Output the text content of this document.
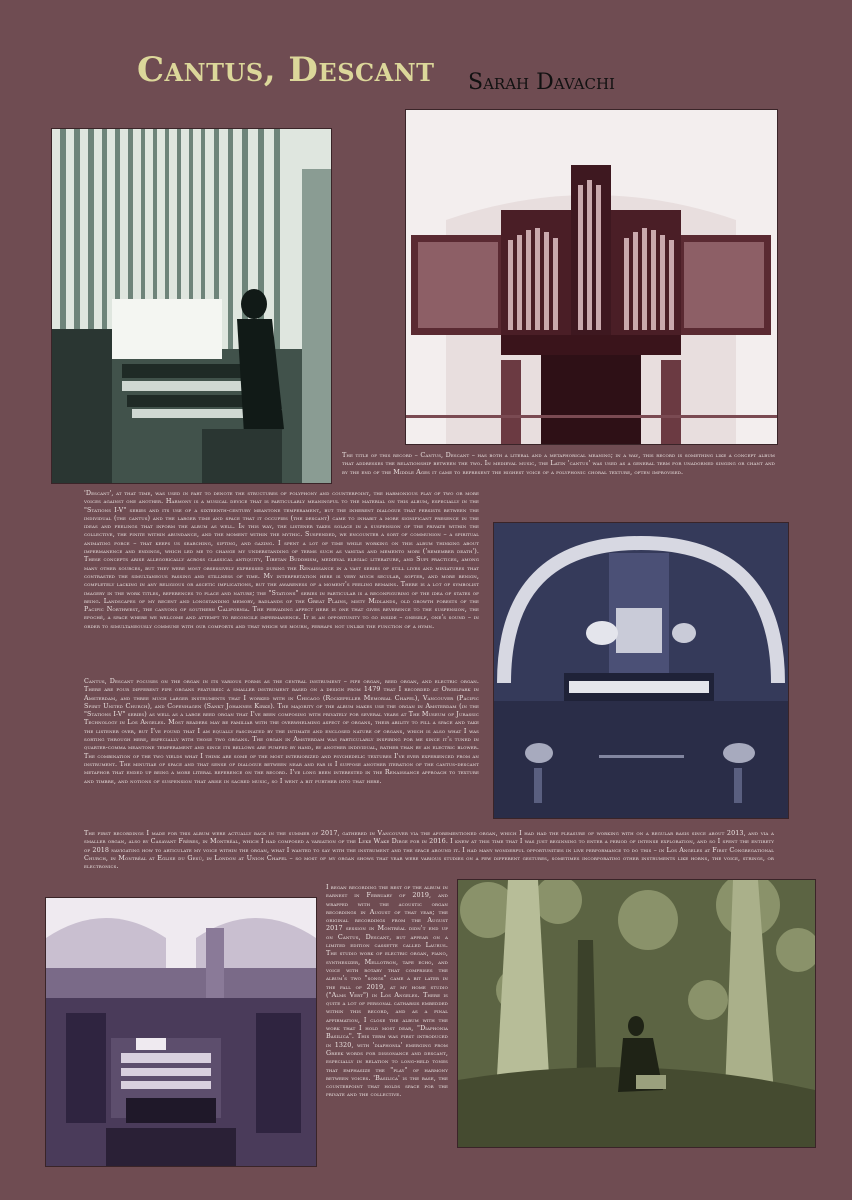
Cantus, Descant Sarah Davachi
The title of this record – Cantus, Descant – has both a literal and a metaphorical meaning; in a way, this record is something like a concept album that addresses the relationship between the two. In medieval music, the Latin 'cantus' was used as a general term for unadorned singing or chant and by the end of the Middle Ages it came to represent the highest voice of a polyphonic choral texture, often improvised.
'Descant', at that time, was used in part to denote the structures of polyphony and counterpoint, the harmonious play of two or more voices against one another. Harmony is a musical device that is particularly meaningful to the material on this album, especially in the "Stations I-V" series and its use of a sixteenth-century meantone temperament, but the inherent dialogue that persists between the individual (the cantus) and the larger time and space that it occupies (the descant) came to inhabit a more significant presence in the ideas and feelings that inform the album as well. In this way, the listener takes solace in a suspension of the private within the collective, the finite within abundance, and the moment within the mythic. Suspended, we encounter a sort of communion – a spiritual animating force – that keeps us searching, sifting, and gazing. I spent a lot of time while working on this album thinking about impermanence and endings, which led me to change my understanding of terms such as vanitas and memento mori ('remember death'). These concepts arise allegorically across classical antiquity, Tibetan Buddhism, medieval elegiac literature, and Sufi practices, among many other sources, but they were most obsessively expressed during the Renaissance in a vast series of still lives and miniatures that contrasted the simultaneous passing and stillness of time. My interpretation here is very much secular, softer, and more benign, completely lacking in any religious or ascetic implications, but the awareness of a moment's feeling remains. There is a lot of symbolist imagery in the work titles, references to place and nature; the "Stations" series in particular is a reconfiguring of the idea of states of being. Landscapes of my recent and longstanding memory, badlands of the Great Plains, misty Midlands, old growth forests of the Pacific Northwest, the canyons of southern California. The pervading affect here is one that gives reverence to the suspension, the epoché, a space where we welcome and attempt to reconcile impermanence. It is an opportunity to go inside – oneself, one's sound – in order to simultaneously commune with our comforts and that which we mourn, perhaps not unlike the function of a hymn.
Cantus, Descant focuses on the organ in its various forms as the central instrument – pipe organ, reed organ, and electric organ. There are four different pipe organs featured: a smaller instrument based on a design from 1479 that I recorded at Orgelpark in Amsterdam, and three much larger instruments that I worked with in Chicago (Rockefeller Memorial Chapel), Vancouver (Pacific Spirit United Church), and Copenhagen (Sankt Johannes Kirke). The majority of the album makes use the organ in Amsterdam (in the "Stations I-V" series) as well as a large reed organ that I've been composing with privately for several years at The Museum of Jurassic Technology in Los Angeles. Most readers may be familiar with the overwhelming aspect of organs, their ability to fill a space and take the listener over, but I've found that I am equally fascinated by the intimate and enclosed nature of organs, which is also what I was sorting through here, especially with those two organs. The organ in Amsterdam was particularly inspiring for me since it's tuned in quarter-comma meantone temperament and since its bellows are pumped by hand, by another individual, rather than by an electric blower. The combination of the two yields what I think are some of the most interiorized and psychedelic textures I've ever experienced from an instrument. The minutiae of space and that sense of dialogue between near and far is I suppose another iteration of the cantus-descant metaphor that ended up being a more literal reference on the record. I've long been interested in the Renaissance approach to texture and timbre, and notions of suspension that arise in sacred music, so I went a bit further into that here.
The first recordings I made for this album were actually back in the summer of 2017, gathered in Vancouver via the aforementioned organ, which I had had the pleasure of working with on a regular basis since about 2013, and via a smaller organ, also by Casavant Frères, in Montréal, which I had composed a variation of the Lyke Wake Dirge for in 2016. I knew at this time that I was just beginning to enter a period of intense exploration, and so I spent the entirety of 2018 navigating how to articulate my voice within the organ, what I wanted to say with the instrument and the space around it. I had many wonderful opportunities in live performance to do this – in Los Angeles at First Congregational Church, in Montréal at Eglise du Gesù, in London at Union Chapel – so most of my organ shows that year were various studies on a few different gestures, sometimes incorporating other instruments like horns, the voice, strings, or electronics.
I began recording the rest of the album in earnest in February of 2019, and wrapped with the acoustic organ recordings in August of that year; the original recordings from the August 2017 session in Montréal didn't end up on Cantus, Descant, but appear on a limited edition cassette called Laurus. The studio work of electric organ, piano, synthesizer, Mellotron, tape echo, and voice with rotary that comprises the album's two "songs" came a bit later in the fall of 2019, at my home studio ("Alms Vert") in Los Angeles. There is quite a lot of personal catharsis embedded within this record, and as a final affirmation, I close the album with the work that I hold most dear, "Diaphonia Basilica". This term was first introduced in 1320, with 'diaphonia' emerging from Greek words for dissonance and descant, especially in relation to long-held tones that emphasize the "play" of harmony between voices. 'Basilica' is the base, the counterpoint that holds space for the private and the collective.
